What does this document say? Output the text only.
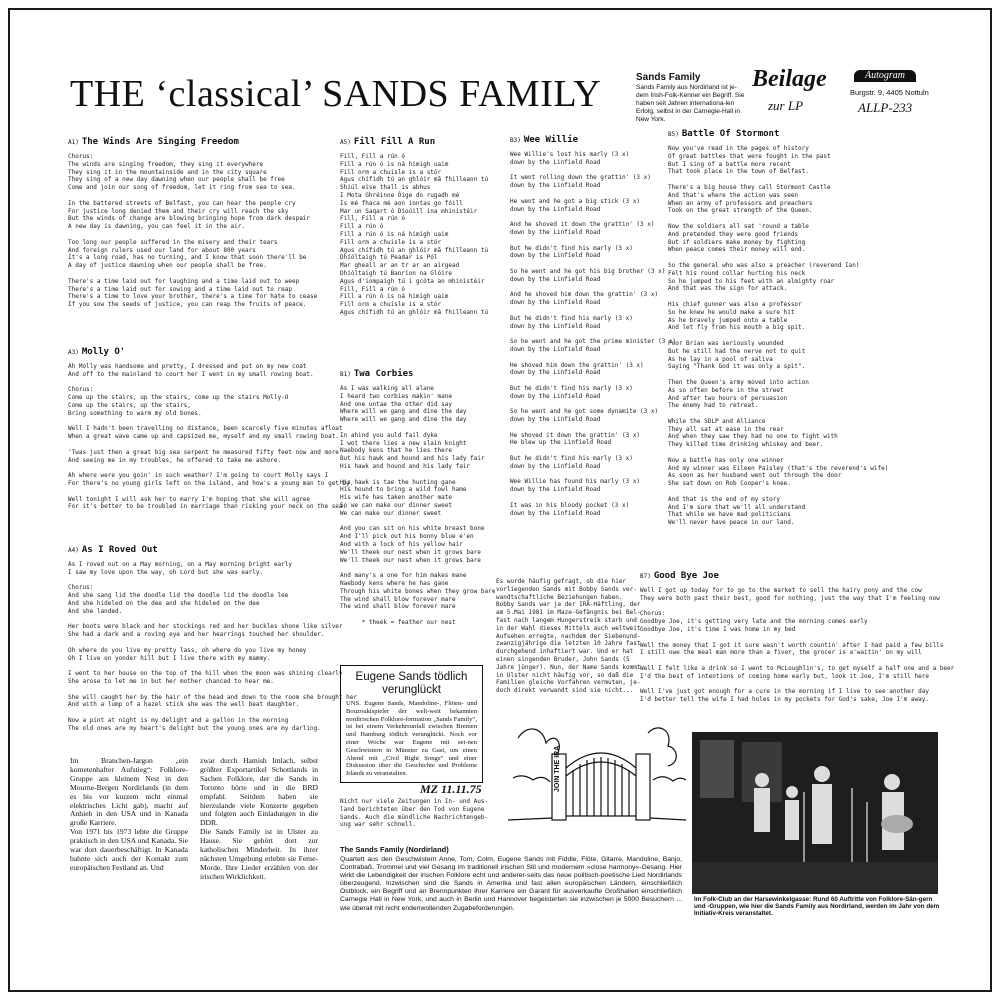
THE ‘classical’ SANDS FAMILY	Sands Family
Sands Family aus Nordirland ist je-dem Irish-Folk-Kenner ein Begriff. Sie haben seit Jahren internationa-len Erfolg, selbst in der Carnegie-Hall in New York.
Beilage
zur LP
Autogram
Burgstr. 9, 4405 Nottuln
ALLP-233
A1) The Winds Are Singing Freedom
Chorus:
The winds are singing freedom, they sing it everywhere
They sing it in the mountainside and in the city square
They sing of a new day dawning when our people shall be free
Come and join our song of freedom, let it ring from sea to sea.

In the battered streets of Belfast, you can hear the people cry
For justice long denied them and their cry will reach the sky
But the winds of change are blowing bringing hope from dark despair
A new day is dawning, you can feel it in the air.

Too long our people suffered in the misery and their tears
And foreign rulers used our land for about 800 years
It's a long road, has no turning, and I know that soon there'll be
A day of justice dawning when our people shall be free.

There's a time laid out for laughing and a time laid out to weep
There's a time laid out for sowing and a time laid out to reap
There's a time to love your brother, there's a time for hate to cease
If you sow the seeds of justice, you can reap the fruits of peace.
A3) Molly O'
Ah Molly was handsome and pretty, I dressed and put on my new coat
And off to the mainland to court her I went in my small rowing boat.

Chorus:
Come up the stairs, up the stairs, come up the stairs Molly-O
Come up the stairs, up the stairs,
Bring something to warm my old bones.

Well I hadn't been travelling no distance, been scarcely five minutes afloat
When a great wave came up and capsized me, myself and my small rowing boat.

'Twas just then a great big sea serpent he measured fifty feet now and more
And seeing me in my troubles, he offered to take me ashore.

Ah where were you goin' in such weather? I'm going to court Molly says I
For there's no young girls left on the island, and how's a young man to get by.

Well tonight I will ask her to marry I'm hoping that she will agree
For it's better to be troubled in marriage than risking your neck on the sea.
A4) As I Roved Out
As I roved out on a May morning, on a May morning bright early
I saw my love upon the way, oh Lord but she was early.

Chorus:
And she sang lid the doodle lid the doodle lid the doodle lee
And she hideled on the dee and she hideled on the dee
And she landed.

Her boots were black and her stockings red and her buckles shone like silver
She had a dark and a roving eye and her hearrings touched her shoulder.

Oh where do you live my pretty lass, oh where do you live my honey
Oh I live on yonder hill but I live there with my mammy.

I went to her house on the top of the hill when the moon was shining clearly
She arose to let me in but her mother chanced to hear me.

She will caught her by the hair of the head and down to the room she brought her
And with a lump of a hazel stick she was the well beat daughter.

Now a pint at night is my delight and a gallon in the morning
The old ones are my heart's delight but the young ones are my darling.
A5) Fill Fill A Run
Fill, Fill a rún ó
Fill a rún ó is ná himigh uaim
Fill orm a chuisle is a stór
Agus chífidh tú an ghlóir mã fhilleann tú
Shiúl eise thall is abhus
I Mota Ghréinne Óige do rugadh mé
Is mé fhaca mé aon iontas go fóill
Mar un Saqart ó Díoúill ina mhinistéir
Fill, Fill a rún ó
Fill a rún ó
Fill a rún ó is ná himigh uaim
Fill orm a chuisle is a stór
Agus chífidh tú an ghlóir mã fhilleann tú
Dhíóltaigh tú Peadar is Pól
Mar gheall ar an tr ar an airgead
Dhíóltaigh tú Banríon na Glóire
Agus d'iompaigh tú i gcóta an mhinistéir
Fill, Fill a rún ó
Fill a rún ó is ná himigh uaim
Fill orm a chuisle is a stór
Agus chífidh tú an ghlóir mã fhilleann tú
B1) Twa Corbies
As I was walking all alane
I heard two corbies makin' mane
And one untae the other did say
Where will we gang and dine the day
Where will we gang and dine the day

In ahind you auld fail dyke
I wot there lies a new slain knight
Naebody kens that he lies there
But his hawk and hound and his lady fair
His hawk and hound and his lady fair

His hawk is tae the hunting gane
His hound to bring a wild fowl hame
His wife has taken another mate
So we can make our dinner sweet
We can make our dinner sweet

And you can sit on his white breast bone
And I'll pick out his bonny blue e'en
And with a lock of his yellow hair
We'll theek our nest when it grows bare
We'll theek our nest when it grows bare

And many's a one for him makes mane
Naebody kens where he has gane
Through his white bones when they grow bare
The wind shall blow forever mare
The wind shall blow forever mare

* theek = feather our nest
B3) Wee Willie
Wee Willie's lost his marly (3 x)
down by the Linfield Road

It went rolling down the grattin' (3 x)
down by the Linfield Road

He went and he got a big stick (3 x)
down by the Linfield Road

And he shoved it down the grattin' (3 x)
down by the Linfield Road

But he didn't find his marly (3 x)
down by the Linfield Road

So he went and he got his big brother (3 x)
down by the Linfield Road

And he shoved him down the grattin' (3 x)
down by the Linfield Road

But he didn't find his marly (3 x)
down by the Linfield Road

So he went and he got the prime minister (3 x)
down by the Linfield Road

He shoved him down the grattin' (3 x)
down by the Linfield Road

But he didn't find his marly (3 x)
down by the Linfield Road

So he went and he got some dynamite (3 x)
down by the Linfield Road

He shoved it down the grattin' (3 x)
He blew up the Linfield Road

But he didn't find his marly (3 x)
down by the Linfield Road

Wee Willie has found his marly (3 x)
down by the Linfield Road

It was in his bloody pocket (3 x)
down by the Linfield Road
B5) Battle Of Stormont
Now you've read in the pages of history
Of great battles that were fought in the past
But I sing of a battle more recent
That took place in the town of Belfast.

There's a big house they call Stormont Castle
And that's where the action was seen
When an army of professors and preachers
Took on the great strength of the Queen.

Now the soldiers all sat 'round a table
And pretended they were good friends
But if soldiers make money by fighting
When peace comes their money will end.

So the general who was also a preacher (reverend Ian)
Felt his round collar hurting his neck
So he jumped to his feet with an almighty roar
And that was the sign for attack.

His chief gunner was also a professor
So he knew he would make a sure hit
As he bravely jumped onto a table
And let fly from his mouth a big spit.

Poor Brian was seriously wounded
But he still had the nerve not to quit
As he lay in a pool of saliva
Saying "Thank God it was only a spit".

Then the Queen's army moved into action
As so often before in the street
And after two hours of persuasion
The enemy had to retreat.

While the SDLP and Alliance
They all sat at ease in the rear
And when they saw they had no one to fight with
They killed time drinking whiskey and beer.

Now a battle has only one winner
And my winner was Eileen Paisley (that's the reverend's wife)
As soon as her husband went out through the door
She sat down on Rob Cooper's knee.

And that is the end of my story
And I'm sure that we'll all understand
That while we have mad politicians
We'll never have peace in our land.
B7) Good Bye Joe
Well I got up today for to go to the market to sell the hairy pony and the cow
They were both past their best, good for nothing, just the way that I'm feeling now

Chorus:
Goodbye Joe, it's getting very late and the morning comes early
Goodbye Joe, it's time I was home in my bed

Well the money that I got it sure wasn't worth countin' after I had paid a few bills
I still owe the meal man more than a fiver, the grocer is a'waitin' on my will

Well I felt like a drink so I went to McLoughlin's, to get myself a half one and a beer
I'd the best of intentions of coming home early but, look it Joe, I'm still here

Well I've just got enough for a cure in the morning if I live to see another day
I'd better tell the wife I had holes in my pockets for God's sake, Joe I'm away.
Im Branchen-Jargon „ein kometenhafter Aufstieg“: Folklore-Gruppe aus kleinem Nest in den Mourne-Bergen Nordirlands (in dem es bis vor kurzem nicht einmal elektrisches Licht gab), macht auf Anhieb in den USA und in Kanada große Karriere.
Von 1971 bis 1973 lebte die Gruppe praktisch in den USA und Kanada. Sie war dort dauerbeschäftigt. In Kanada bahnte sich auch der Kontakt zum europäischen Festland an. Und
zwar durch Hamish Imlach, selbst größter Exportartikel Schottlands in Sachen Folklore, der die Sands in Toronto hörte und in die BRD empfahl. Seitdem haben sie hierzulande viele Konzerte gegeben und folgten auch Einladungen in die DDR.
Die Sands Family ist in Ulster zu Hause. Sie gehört dort zur katholischen Minderheit. In ihrer nächsten Umgebung erlebte sie Feme-Morde. Ihre Lieder erzählen von der irischen Wirklichkeit.
Es wurde häufig gefragt, ob die hier
vorliegenden Sands mit Bobby Sands ver-
wandtschaftliche Beziehungen haben.
Bobby Sands war ja der IRA-Häftling, der
am 5.Mai 1981 im Maze-Gefängnis bei Bel-
fast nach langem Hungerstreik starb und
in der Wahl dieses Mittels auch weltweit
Aufsehen erregte, nachdem der Siebenund-
zwanzigjährige die letzten 10 Jahre fast
durchgehend inhaftiert war. Und er hat
einen singenden Bruder, John Sands (5
Jahre jünger). Nun, der Name Sands kommt
in Ulster nicht häufig vor, so daß die
Familien gleiche Vorfahren vermuten, je-
doch direkt verwandt sind sie nicht...
Eugene Sands tödlich verunglückt
UNS. Eugene Sands, Mandoline-, Flöten- und Bouzoukispieler der welt-weit bekannten nordirischen Folklore-formation „Sands Family“, ist bei einem Verkehrsunfall zwischen Bremen und Hamburg tödlich verunglückt. Noch vor einer Woche war Eugene mit sei-nen Geschwistern in Münster zu Gast, um einen Abend mit „Civil Right Songs“ und einer Diskussion über die Geschichte und Probleme Irlands zu veranstalten.
MZ 11.11.75
Nicht nur viele Zeitungen in In- und Aus-
land berichteten über den Tod von Eugene
Sands. Auch die mündliche Nachrichtengeb-
ung war sehr schnell.
JOIN THE IRA
The Sands Family (Nordirland)
Quartett aus den Geschwistern Anne, Tom, Colm, Eugene Sands mit Fiddle, Flöte, Gitarre, Mandoline, Banjo, Contrabaß, Trommel und viel Gesang im traditionell irischen Stil und modernem »close harmony«-Gesang. Hier wirkt die Lebendigkeit der irischen Folklore echt und anderer-seits das neue politisch-poetische Lied Nordirlands überzeugend. Inzwischen sind die Sands in Amerika und fast allen europäischen Ländern, einschließlich Ostblock, ein Begriff und an Brennpunkten ihrer Karriere ein Garant für ausverkaufte Großhallen einschließlich Carnegie Hall in New York, und auch in Berlin und Hannover begeisterten sie inzwischen je 5000 Besuchern ... wie überall mit nicht endenwollenden Zugabeforderungen.
Im Folk-Club an der Harsewinkelgasse: Rund 60 Auftritte von Folklore-Sän-gern und -Gruppen, wie hier die Sands Family aus Nordirland, werden im Jahr von dem Initiativ-Kreis veranstaltet.
